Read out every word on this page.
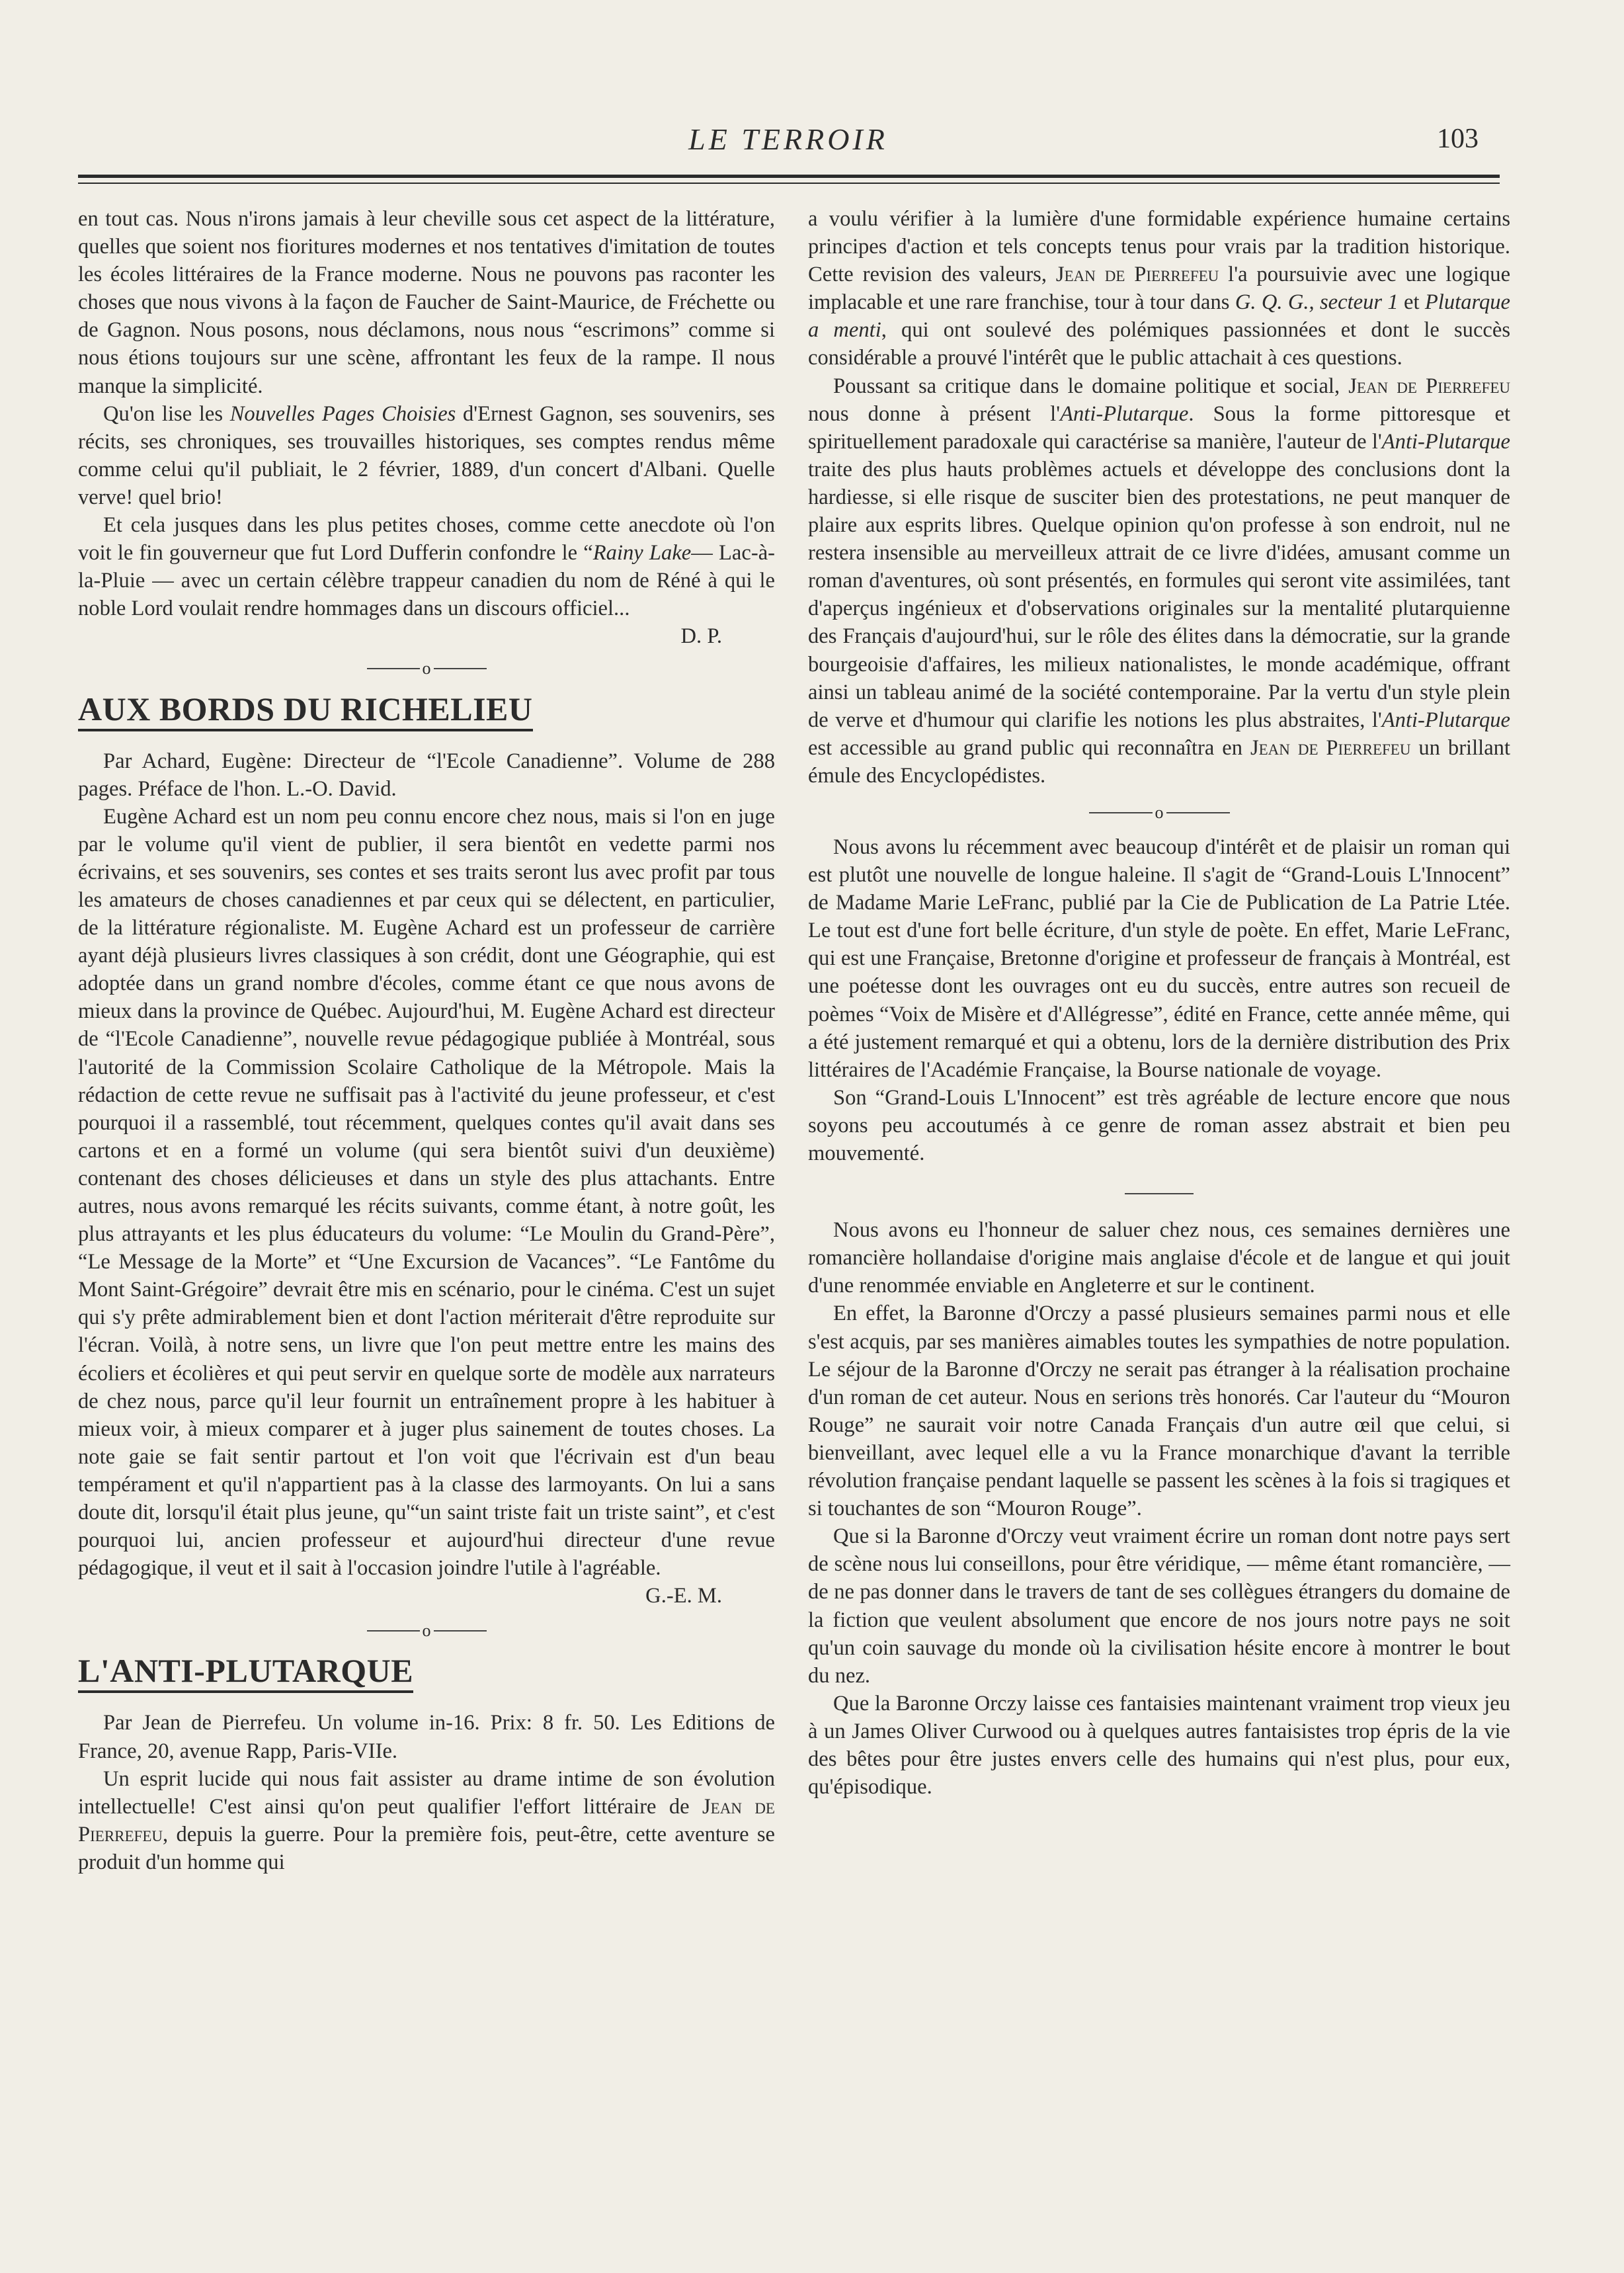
LE TERROIR	103

en tout cas. Nous n'irons jamais à leur cheville sous cet aspect de la littérature, quelles que soient nos fioritures modernes et nos tentatives d'imitation de toutes les écoles littéraires de la France moderne. Nous ne pouvons pas raconter les choses que nous vivons à la façon de Faucher de Saint-Maurice, de Fréchette ou de Gagnon. Nous posons, nous déclamons, nous nous “escrimons” comme si nous étions toujours sur une scène, affrontant les feux de la rampe. Il nous manque la simplicité.

Qu'on lise les Nouvelles Pages Choisies d'Ernest Gagnon, ses souvenirs, ses récits, ses chroniques, ses trouvailles historiques, ses comptes rendus même comme celui qu'il publiait, le 2 février, 1889, d'un concert d'Albani. Quelle verve! quel brio!

Et cela jusques dans les plus petites choses, comme cette anecdote où l'on voit le fin gouverneur que fut Lord Dufferin confondre le “Rainy Lake— Lac-à-la-Pluie — avec un certain célèbre trappeur canadien du nom de Réné à qui le noble Lord voulait rendre hommages dans un discours officiel...

D. P.

o
AUX BORDS DU RICHELIEU

Par Achard, Eugène: Directeur de “l'Ecole Canadienne”. Volume de 288 pages. Préface de l'hon. L.-O. David.

Eugène Achard est un nom peu connu encore chez nous, mais si l'on en juge par le volume qu'il vient de publier, il sera bientôt en vedette parmi nos écrivains, et ses souvenirs, ses contes et ses traits seront lus avec profit par tous les amateurs de choses canadiennes et par ceux qui se délectent, en particulier, de la littérature régionaliste. M. Eugène Achard est un professeur de carrière ayant déjà plusieurs livres classiques à son crédit, dont une Géographie, qui est adoptée dans un grand nombre d'écoles, comme étant ce que nous avons de mieux dans la province de Québec. Aujourd'hui, M. Eugène Achard est directeur de “l'Ecole Canadienne”, nouvelle revue pédagogique publiée à Montréal, sous l'autorité de la Commission Scolaire Catholique de la Métropole. Mais la rédaction de cette revue ne suffisait pas à l'activité du jeune professeur, et c'est pourquoi il a rassemblé, tout récemment, quelques contes qu'il avait dans ses cartons et en a formé un volume (qui sera bientôt suivi d'un deuxième) contenant des choses délicieuses et dans un style des plus attachants. Entre autres, nous avons remarqué les récits suivants, comme étant, à notre goût, les plus attrayants et les plus éducateurs du volume: “Le Moulin du Grand-Père”, “Le Message de la Morte” et “Une Excursion de Vacances”. “Le Fantôme du Mont Saint-Grégoire” devrait être mis en scénario, pour le cinéma. C'est un sujet qui s'y prête admirablement bien et dont l'action mériterait d'être reproduite sur l'écran. Voilà, à notre sens, un livre que l'on peut mettre entre les mains des écoliers et écolières et qui peut servir en quelque sorte de modèle aux narrateurs de chez nous, parce qu'il leur fournit un entraînement propre à les habituer à mieux voir, à mieux comparer et à juger plus sainement de toutes choses. La note gaie se fait sentir partout et l'on voit que l'écrivain est d'un beau tempérament et qu'il n'appartient pas à la classe des larmoyants. On lui a sans doute dit, lorsqu'il était plus jeune, qu'“un saint triste fait un triste saint”, et c'est pourquoi lui, ancien professeur et aujourd'hui directeur d'une revue pédagogique, il veut et il sait à l'occasion joindre l'utile à l'agréable.

G.-E. M.

o
L'ANTI-PLUTARQUE

Par Jean de Pierrefeu. Un volume in-16. Prix: 8 fr. 50. Les Editions de France, 20, avenue Rapp, Paris-VIIe.

Un esprit lucide qui nous fait assister au drame intime de son évolution intellectuelle! C'est ainsi qu'on peut qualifier l'effort littéraire de Jean de Pierrefeu, depuis la guerre. Pour la première fois, peut-être, cette aventure se produit d'un homme qui

a voulu vérifier à la lumière d'une formidable expérience humaine certains principes d'action et tels concepts tenus pour vrais par la tradition historique. Cette revision des valeurs, Jean de Pierrefeu l'a poursuivie avec une logique implacable et une rare franchise, tour à tour dans G. Q. G., secteur 1 et Plutarque a menti, qui ont soulevé des polémiques passionnées et dont le succès considérable a prouvé l'intérêt que le public attachait à ces questions.

Poussant sa critique dans le domaine politique et social, Jean de Pierrefeu nous donne à présent l'Anti-Plutarque. Sous la forme pittoresque et spirituellement paradoxale qui caractérise sa manière, l'auteur de l'Anti-Plutarque traite des plus hauts problèmes actuels et développe des conclusions dont la hardiesse, si elle risque de susciter bien des protestations, ne peut manquer de plaire aux esprits libres. Quelque opinion qu'on professe à son endroit, nul ne restera insensible au merveilleux attrait de ce livre d'idées, amusant comme un roman d'aventures, où sont présentés, en formules qui seront vite assimilées, tant d'aperçus ingénieux et d'observations originales sur la mentalité plutarquienne des Français d'aujourd'hui, sur le rôle des élites dans la démocratie, sur la grande bourgeoisie d'affaires, les milieux nationalistes, le monde académique, offrant ainsi un tableau animé de la société contemporaine. Par la vertu d'un style plein de verve et d'humour qui clarifie les notions les plus abstraites, l'Anti-Plutarque est accessible au grand public qui reconnaîtra en Jean de Pierrefeu un brillant émule des Encyclopédistes.

o

Nous avons lu récemment avec beaucoup d'intérêt et de plaisir un roman qui est plutôt une nouvelle de longue haleine. Il s'agit de “Grand-Louis L'Innocent” de Madame Marie LeFranc, publié par la Cie de Publication de La Patrie Ltée. Le tout est d'une fort belle écriture, d'un style de poète. En effet, Marie LeFranc, qui est une Française, Bretonne d'origine et professeur de français à Montréal, est une poétesse dont les ouvrages ont eu du succès, entre autres son recueil de poèmes “Voix de Misère et d'Allégresse”, édité en France, cette année même, qui a été justement remarqué et qui a obtenu, lors de la dernière distribution des Prix littéraires de l'Académie Française, la Bourse nationale de voyage.

Son “Grand-Louis L'Innocent” est très agréable de lecture encore que nous soyons peu accoutumés à ce genre de roman assez abstrait et bien peu mouvementé.

Nous avons eu l'honneur de saluer chez nous, ces semaines dernières une romancière hollandaise d'origine mais anglaise d'école et de langue et qui jouit d'une renommée enviable en Angleterre et sur le continent.

En effet, la Baronne d'Orczy a passé plusieurs semaines parmi nous et elle s'est acquis, par ses manières aimables toutes les sympathies de notre population. Le séjour de la Baronne d'Orczy ne serait pas étranger à la réalisation prochaine d'un roman de cet auteur. Nous en serions très honorés. Car l'auteur du “Mouron Rouge” ne saurait voir notre Canada Français d'un autre œil que celui, si bienveillant, avec lequel elle a vu la France monarchique d'avant la terrible révolution française pendant laquelle se passent les scènes à la fois si tragiques et si touchantes de son “Mouron Rouge”.

Que si la Baronne d'Orczy veut vraiment écrire un roman dont notre pays sert de scène nous lui conseillons, pour être véridique, — même étant romancière, — de ne pas donner dans le travers de tant de ses collègues étrangers du domaine de la fiction que veulent absolument que encore de nos jours notre pays ne soit qu'un coin sauvage du monde où la civilisation hésite encore à montrer le bout du nez.

Que la Baronne Orczy laisse ces fantaisies maintenant vraiment trop vieux jeu à un James Oliver Curwood ou à quelques autres fantaisistes trop épris de la vie des bêtes pour être justes envers celle des humains qui n'est plus, pour eux, qu'épisodique.
